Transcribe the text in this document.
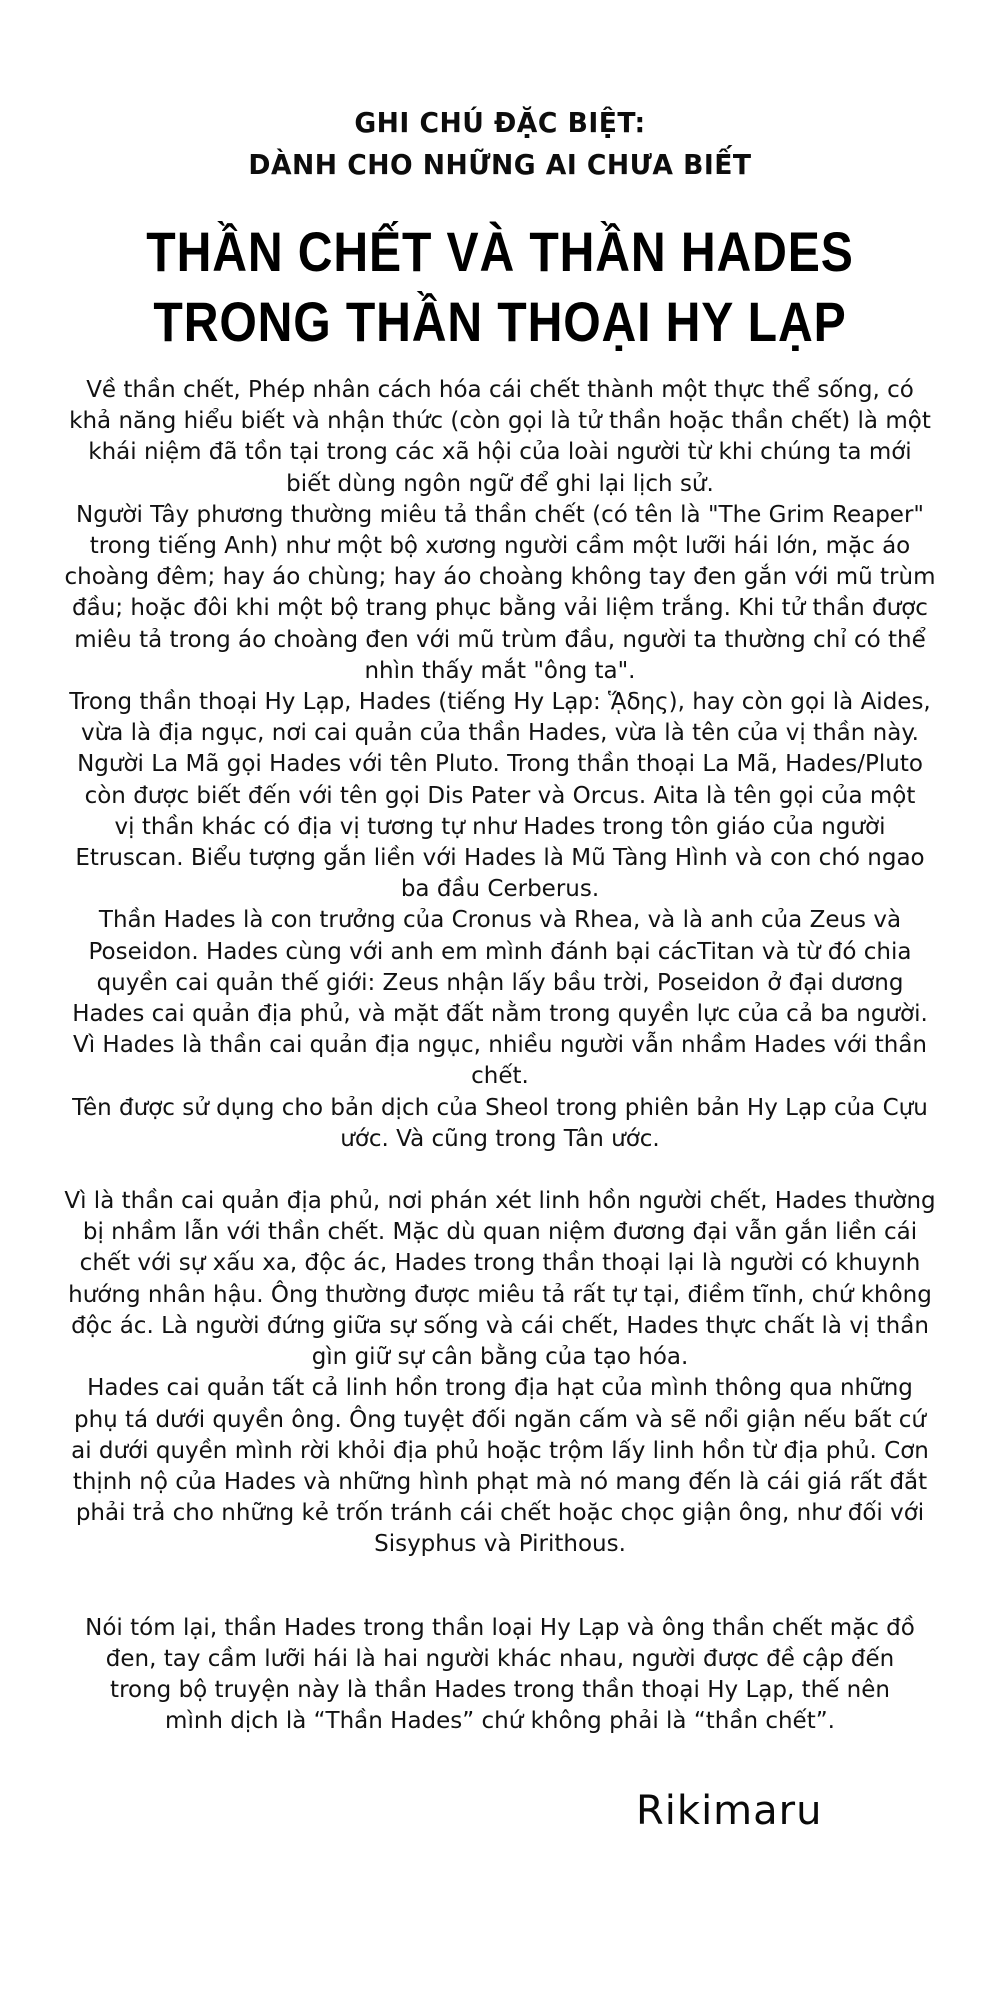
GHI CHÚ ĐẶC BIỆT:
DÀNH CHO NHỮNG AI CHƯA BIẾT
THẦN CHẾT VÀ THẦN HADES
TRONG THẦN THOẠI HY LẠP

Về thần chết, Phép nhân cách hóa cái chết thành một thực thể sống, có
khả năng hiểu biết và nhận thức (còn gọi là tử thần hoặc thần chết) là một
khái niệm đã tồn tại trong các xã hội của loài người từ khi chúng ta mới
biết dùng ngôn ngữ để ghi lại lịch sử.

Người Tây phương thường miêu tả thần chết (có tên là "The Grim Reaper"
trong tiếng Anh) như một bộ xương người cầm một lưỡi hái lớn, mặc áo
choàng đêm; hay áo chùng; hay áo choàng không tay đen gắn với mũ trùm
đầu; hoặc đôi khi một bộ trang phục bằng vải liệm trắng. Khi tử thần được
miêu tả trong áo choàng đen với mũ trùm đầu, người ta thường chỉ có thể
nhìn thấy mắt "ông ta".

Trong thần thoại Hy Lạp, Hades (tiếng Hy Lạp: ᾍδης), hay còn gọi là Aides,
vừa là địa ngục, nơi cai quản của thần Hades, vừa là tên của vị thần này.
Người La Mã gọi Hades với tên Pluto. Trong thần thoại La Mã, Hades/Pluto
còn được biết đến với tên gọi Dis Pater và Orcus. Aita là tên gọi của một
vị thần khác có địa vị tương tự như Hades trong tôn giáo của người
Etruscan. Biểu tượng gắn liền với Hades là Mũ Tàng Hình và con chó ngao
ba đầu Cerberus.

Thần Hades là con trưởng của Cronus và Rhea, và là anh của Zeus và
Poseidon. Hades cùng với anh em mình đánh bại cácTitan và từ đó chia
quyền cai quản thế giới: Zeus nhận lấy bầu trời, Poseidon ở đại dương
Hades cai quản địa phủ, và mặt đất nằm trong quyền lực của cả ba người.
Vì Hades là thần cai quản địa ngục, nhiều người vẫn nhầm Hades với thần
chết.

Tên được sử dụng cho bản dịch của Sheol trong phiên bản Hy Lạp của Cựu
ước. Và cũng trong Tân ước.

Vì là thần cai quản địa phủ, nơi phán xét linh hồn người chết, Hades thường
bị nhầm lẫn với thần chết. Mặc dù quan niệm đương đại vẫn gắn liền cái
chết với sự xấu xa, độc ác, Hades trong thần thoại lại là người có khuynh
hướng nhân hậu. Ông thường được miêu tả rất tự tại, điềm tĩnh, chứ không
độc ác. Là người đứng giữa sự sống và cái chết, Hades thực chất là vị thần
gìn giữ sự cân bằng của tạo hóa.

Hades cai quản tất cả linh hồn trong địa hạt của mình thông qua những
phụ tá dưới quyền ông. Ông tuyệt đối ngăn cấm và sẽ nổi giận nếu bất cứ
ai dưới quyền mình rời khỏi địa phủ hoặc trộm lấy linh hồn từ địa phủ. Cơn
thịnh nộ của Hades và những hình phạt mà nó mang đến là cái giá rất đắt
phải trả cho những kẻ trốn tránh cái chết hoặc chọc giận ông, như đối với
Sisyphus và Pirithous.

Nói tóm lại, thần Hades trong thần loại Hy Lạp và ông thần chết mặc đồ
đen, tay cầm lưỡi hái là hai người khác nhau, người được đề cập đến
trong bộ truyện này là thần Hades trong thần thoại Hy Lạp, thế nên
mình dịch là “Thần Hades” chứ không phải là “thần chết”.

Rikimaru
